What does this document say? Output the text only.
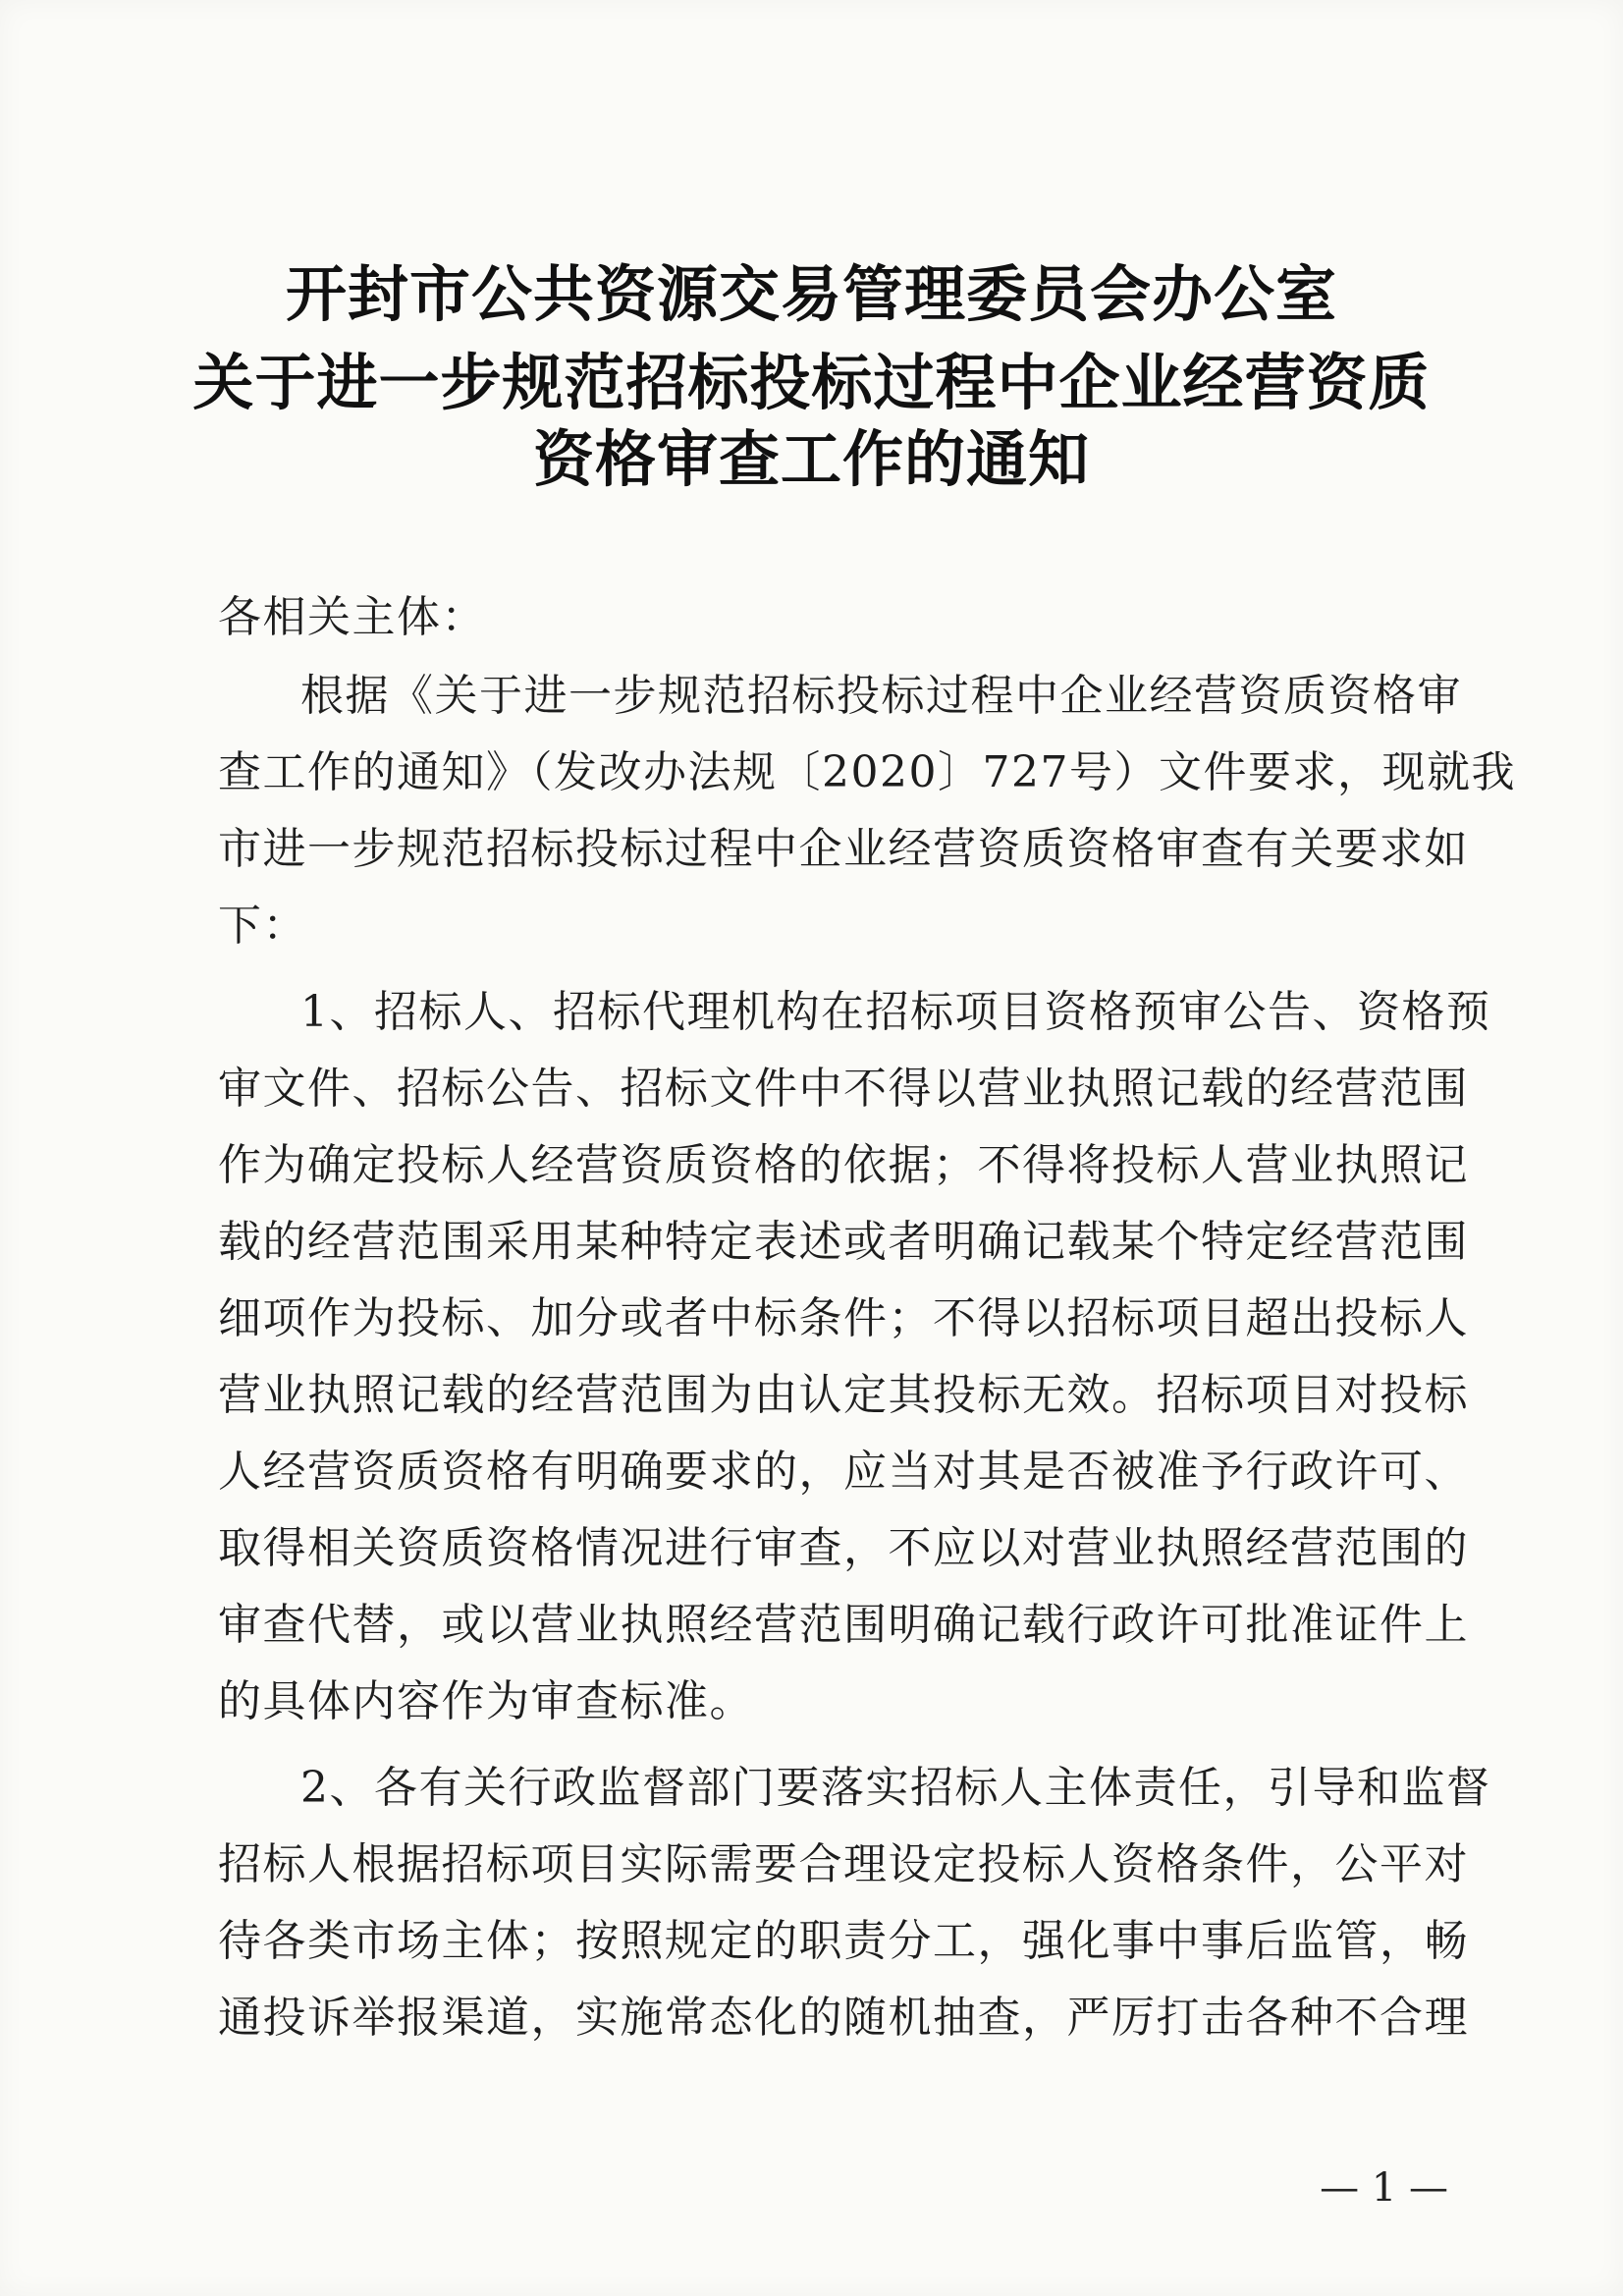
开封市公共资源交易管理委员会办公室
关于进一步规范招标投标过程中企业经营资质
资格审查工作的通知
各相关主体：
根据《关于进一步规范招标投标过程中企业经营资质资格审
查工作的通知》（发改办法规〔2020〕727号）文件要求，现就我
市进一步规范招标投标过程中企业经营资质资格审查有关要求如
下：
1、招标人、招标代理机构在招标项目资格预审公告、资格预
审文件、招标公告、招标文件中不得以营业执照记载的经营范围
作为确定投标人经营资质资格的依据；不得将投标人营业执照记
载的经营范围采用某种特定表述或者明确记载某个特定经营范围
细项作为投标、加分或者中标条件；不得以招标项目超出投标人
营业执照记载的经营范围为由认定其投标无效。招标项目对投标
人经营资质资格有明确要求的，应当对其是否被准予行政许可、
取得相关资质资格情况进行审查，不应以对营业执照经营范围的
审查代替，或以营业执照经营范围明确记载行政许可批准证件上
的具体内容作为审查标准。
2、各有关行政监督部门要落实招标人主体责任，引导和监督
招标人根据招标项目实际需要合理设定投标人资格条件，公平对
待各类市场主体；按照规定的职责分工，强化事中事后监管，畅
通投诉举报渠道，实施常态化的随机抽查，严厉打击各种不合理
— 1 —
